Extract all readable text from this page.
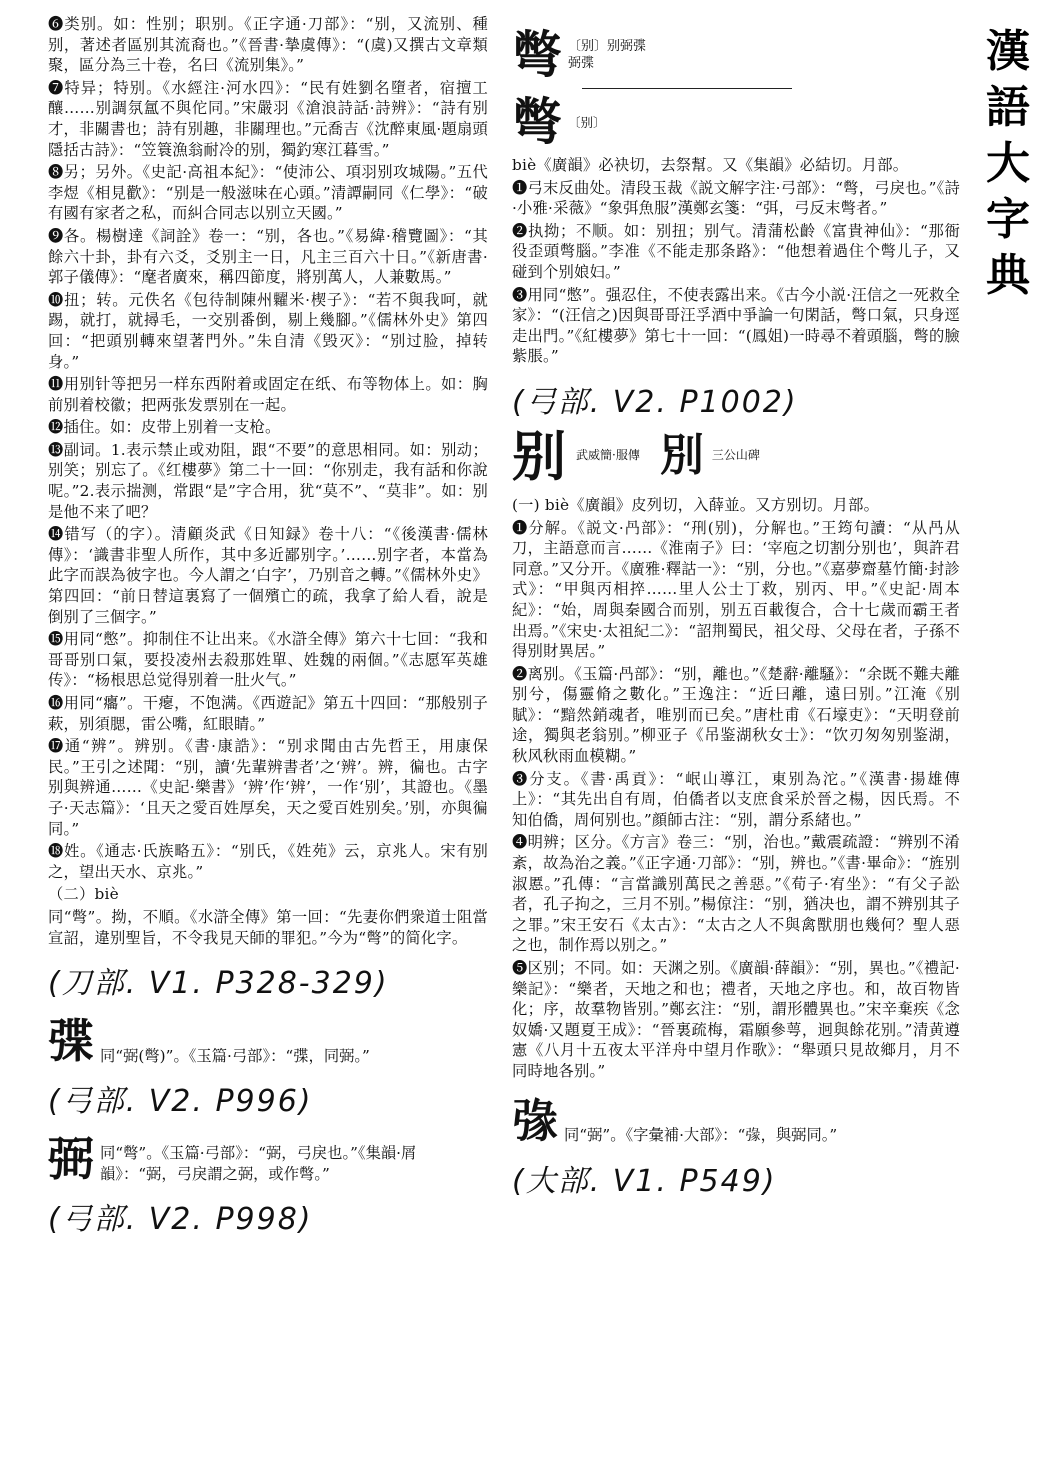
漢
語
大
字
典

❻类别。如：性别；职别。《正字通·刀部》：“别，又流别、種别，著述者區别其流裔也。”《晉書·摯虞傳》：“(虞)又撰古文章類聚，區分為三十卷，名曰《流别集》。”

❼特异；特别。《水經注·河水四》：“民有姓劉名墮者，宿擅工釀……别調氛氲不與佗同。”宋嚴羽《滄浪詩話·詩辨》：“詩有别才，非關書也；詩有别趣，非關理也。”元喬吉《沈醉東風·題扇頭隱括古詩》：“笠簑漁翁耐冷的别，獨釣寒江暮雪。”

❽另；另外。《史記·高祖本紀》：“使沛公、項羽别攻城陽。”五代李煜《相見歡》：“别是一般滋味在心頭。”清譚嗣同《仁學》：“破有國有家者之私，而糾合同志以别立天國。”

❾各。楊樹達《詞詮》卷一：“别，各也。”《易緯·稽覽圖》：“其餘六十卦，卦有六爻，爻别主一日，凡主三百六十日。”《新唐書·郭子儀傳》：“麾者廣來，稱四節度，將别萬人，人兼數馬。”

❿扭；转。元佚名《包待制陳州糶米·楔子》：“若不與我呵，就踢，就打，就撏毛，一交别番倒，剔上幾腳。”《儒林外史》第四回：“把頭别轉來望著門外。”朱自清《毁灭》：“别过脸，掉转身。”

⓫用别针等把另一样东西附着或固定在纸、布等物体上。如：胸前别着校徽；把两张发票别在一起。

⓬插住。如：皮带上别着一支枪。

⓭副词。1.表示禁止或劝阻，跟“不要”的意思相同。如：别动；别笑；别忘了。《红樓夢》第二十一回：“你别走，我有話和你說呢。”2.表示揣测，常跟“是”字合用，犹“莫不”、“莫非”。如：别是他不来了吧？

⓮错写（的字）。清顧炎武《日知録》卷十八：“《後漢書·儒林傳》：‘識書非聖人所作，其中多近鄙别字。’……别字者，本當為此字而誤為彼字也。今人謂之‘白字’，乃别音之轉。”《儒林外史》第四回：“前日替這裏寫了一個殯亡的疏，我拿了給人看，說是倒别了三個字。”

⓯用同“憋”。抑制住不让出来。《水滸全傳》第六十七回：“我和哥哥别口氣，要投凌州去殺那姓單、姓魏的兩個。”《志愿军英雄传》：“杨根思总觉得别着一肚火气。”

⓰用同“癟”。干瘪，不饱满。《西遊記》第五十四回：“那般别子蔌，别須腮，雷公嘴，紅眼睛。”

⓱通“辨”。辨别。《書·康誥》：“别求聞由古先哲王，用康保民。”王引之述聞：“别，讀‘先輩辨書者’之‘辨’。辨，徧也。古字别與辨通……《史記·樂書》‘辨’作‘辨’，一作‘别’，其證也。《墨子·天志篇》：‘且天之愛百姓厚矣，天之愛百姓别矣。’别，亦與徧同。”

⓲姓。《通志·氏族略五》：“别氏，《姓苑》云，京兆人。宋有别之，望出天水、京兆。”

（二）biè

同“彆”。拗，不順。《水滸全傳》第一回：“先妻你們衆道士阻當宣詔，違别聖旨，不令我見天師的罪犯。”今为“彆”的简化字。

(刀部. V1. P328-329)
弽 同“弼(彆)”。《玉篇·弓部》：“弽，同弼。”
(弓部. V2. P996)
弼 同“彆”。《玉篇·弓部》：“弼，弓戾也。”《集韻·屑韻》：“弼，弓戾謂之弼，或作彆。”
(弓部. V2. P998)
彆 〔别〕别弼弽
弼弽
彆 〔别〕

biè《廣韻》必袂切，去祭幫。又《集韻》必結切。月部。

❶弓末反曲处。清段玉裁《説文解字注·弓部》：“彆，弓戾也。”《詩·小雅·采薇》“象弭魚服”漢鄭玄箋：“弭，弓反末彆者。”

❷执拗；不顺。如：别扭；别气。清蒲松齡《富貴神仙》：“那衙役歪頭彆腦。”李准《不能走那条路》：“他想着過住个彆儿子，又碰到个别娘妇。”

❸用同“憋”。强忍住，不使表露出来。《古今小説·汪信之一死救全家》：“(汪信之)因與哥哥汪孚酒中爭論一句閑話，彆口氣，只身逕走出門。”《紅樓夢》第七十一回：“(鳳姐)一時尋不着頭腦，彆的臉紫脹。”

(弓部. V2. P1002)
别 武威簡·服傳 別 三公山碑

(一) biè《廣韻》皮列切，入薛並。又方别切。月部。

❶分解。《説文·冎部》：“𠛬(别)，分解也。”王筠句讀：“从冎从刀，主語意而言……《淮南子》曰：‘宰庖之切割分别也’，與許君同意。”又分开。《廣雅·釋詁一》：“别，分也。”《嘉夢齋墓竹簡·封診式》：“甲與丙相捽……里人公士丁救，别丙、甲。”《史記·周本紀》：“始，周與秦國合而别，别五百載復合，合十七歲而霸王者出焉。”《宋史·太祖紀二》：“詔荆蜀民，祖父母、父母在者，子孫不得别財異居。”

❷离别。《玉篇·冎部》：“别，離也。”《楚辭·離騷》：“余既不難夫離别兮，傷靈脩之數化。”王逸注：“近曰離，遠曰别。”江淹《别賦》：“黯然銷魂者，唯别而已矣。”唐杜甫《石壕吏》：“天明登前途，獨與老翁别。”柳亚子《吊鉴湖秋女士》：“饮刃匆匆别鉴湖，秋风秋雨血模糊。”

❸分支。《書·禹貢》：“岷山導江，東别為沱。”《漢書·揚雄傳上》：“其先出自有周，伯僑者以支庶食采於晉之楊，因氏焉。不知伯僑，周何别也。”顔師古注：“别，謂分系緒也。”

❹明辨；区分。《方言》卷三：“别，治也。”戴震疏證：“辨别不淆紊，故為治之義。”《正字通·刀部》：“别，辨也。”《書·畢命》：“旌别淑慝。”孔傳：“言當識别萬民之善惡。”《荀子·宥坐》：“有父子訟者，孔子拘之，三月不别。”楊倞注：“别，猶决也，謂不辨别其子之罪。”宋王安石《太古》：“太古之人不與禽獸朋也幾何？聖人惡之也，制作焉以别之。”

❺区别；不同。如：天渊之别。《廣韻·薛韻》：“别，異也。”《禮記·樂記》：“樂者，天地之和也；禮者，天地之序也。和，故百物皆化；序，故羣物皆别。”鄭玄注：“别，謂形體異也。”宋辛棄疾《念奴嬌·又題夏王成》：“晉裏疏梅，霜願參萼，迥與餘花别。”清黄遵憲《八月十五夜太平洋舟中望月作歌》：“舉頭只見故鄉月，月不同時地各别。”

𢐄 同“弼”。《字彙補·大部》：“𢐄，與弼同。”
(大部. V1. P549)
